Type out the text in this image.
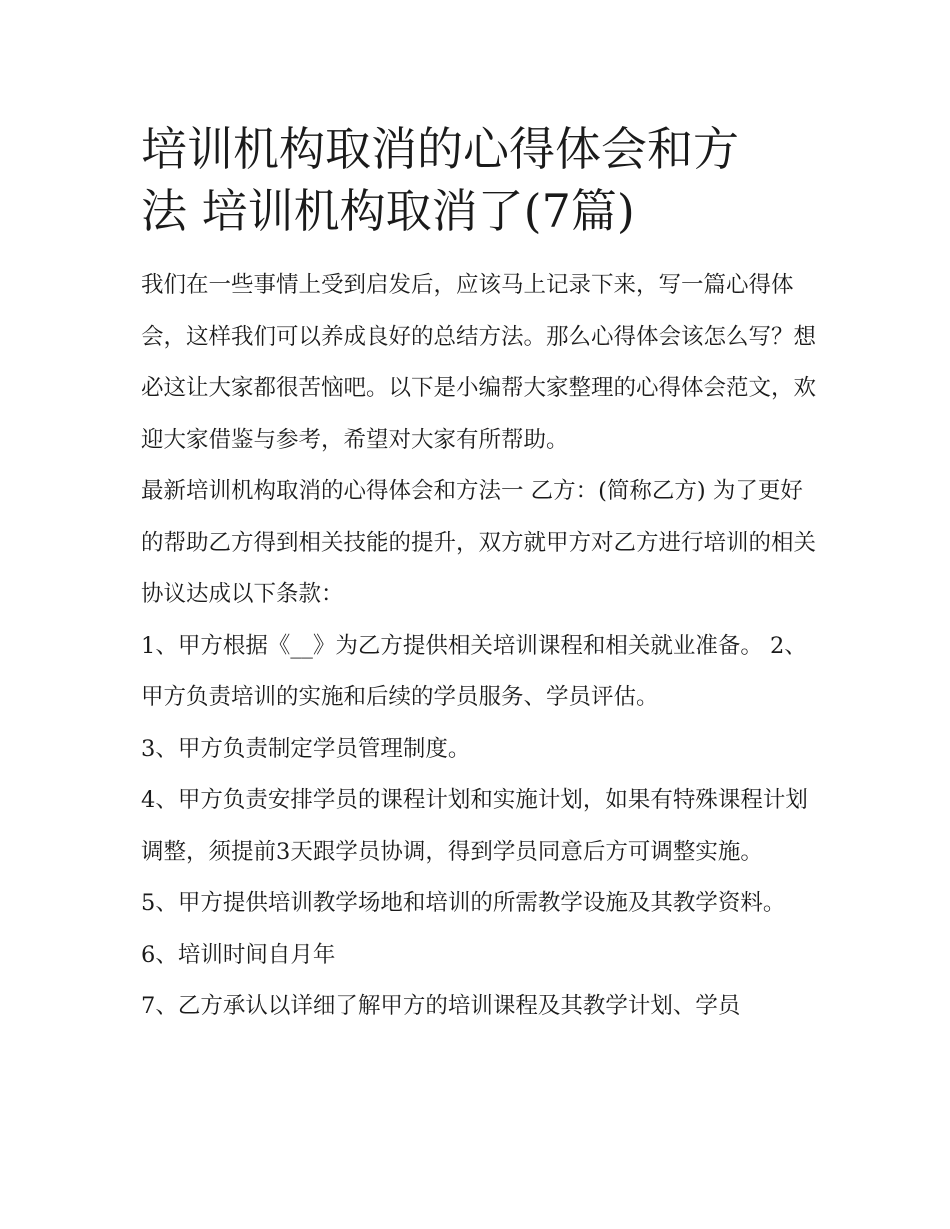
培训机构取消的心得体会和方
法 培训机构取消了(7篇)

我们在一些事情上受到启发后，应该马上记录下来，写一篇心得体会，这样我们可以养成良好的总结方法。那么心得体会该怎么写？想必这让大家都很苦恼吧。以下是小编帮大家整理的心得体会范文，欢迎大家借鉴与参考，希望对大家有所帮助。

最新培训机构取消的心得体会和方法一 乙方：(简称乙方) 为了更好的帮助乙方得到相关技能的提升，双方就甲方对乙方进行培训的相关协议达成以下条款：

1、甲方根据《__》为乙方提供相关培训课程和相关就业准备。 2、甲方负责培训的实施和后续的学员服务、学员评估。

3、甲方负责制定学员管理制度。

4、甲方负责安排学员的课程计划和实施计划，如果有特殊课程计划调整，须提前3天跟学员协调，得到学员同意后方可调整实施。

5、甲方提供培训教学场地和培训的所需教学设施及其教学资料。 6、培训时间自月年

7、乙方承认以详细了解甲方的培训课程及其教学计划、学员
